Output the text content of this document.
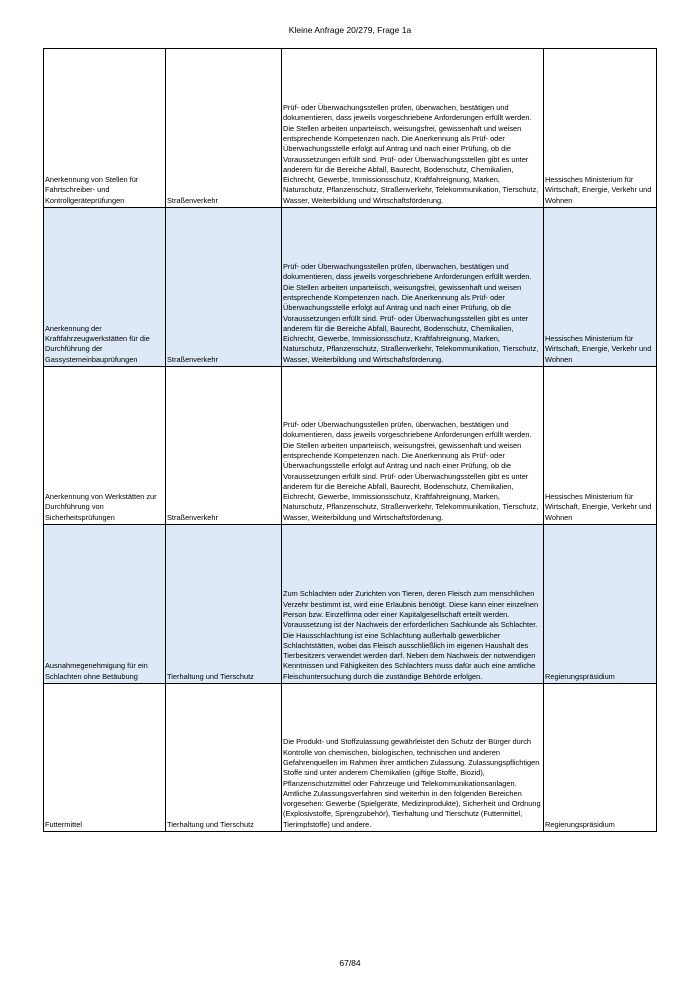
Kleine Anfrage 20/279, Frage 1a
Anerkennung von Stellen für Fahrtschreiber- und Kontrollgeräteprüfungen	Straßenverkehr	Prüf- oder Überwachungsstellen prüfen, überwachen, bestätigen und dokumentieren, dass jeweils vorgeschriebene Anforderungen erfüllt werden. Die Stellen arbeiten unparteiisch, weisungsfrei, gewissenhaft und weisen entsprechende Kompetenzen nach. Die Anerkennung als Prüf- oder Überwachungsstelle erfolgt auf Antrag und nach einer Prüfung, ob die Voraussetzungen erfüllt sind. Prüf- oder Überwachungsstellen gibt es unter anderem für die Bereiche Abfall, Baurecht, Bodenschutz, Chemikalien, Eichrecht, Gewerbe, Immissionsschutz, Kraftfahreignung, Marken, Naturschutz, Pflanzenschutz, Straßenverkehr, Telekommunikation, Tierschutz, Wasser, Weiterbildung und Wirtschaftsförderung.	Hessisches Ministerium für Wirtschaft, Energie, Verkehr und Wohnen
Anerkennung der Kraftfahrzeugwerkstätten für die Durchführung der Gassystemeinbauprüfungen	Straßenverkehr	Prüf- oder Überwachungsstellen prüfen, überwachen, bestätigen und dokumentieren, dass jeweils vorgeschriebene Anforderungen erfüllt werden. Die Stellen arbeiten unparteiisch, weisungsfrei, gewissenhaft und weisen entsprechende Kompetenzen nach. Die Anerkennung als Prüf- oder Überwachungsstelle erfolgt auf Antrag und nach einer Prüfung, ob die Voraussetzungen erfüllt sind. Prüf- oder Überwachungsstellen gibt es unter anderem für die Bereiche Abfall, Baurecht, Bodenschutz, Chemikalien, Eichrecht, Gewerbe, Immissionsschutz, Kraftfahreignung, Marken, Naturschutz, Pflanzenschutz, Straßenverkehr, Telekommunikation, Tierschutz, Wasser, Weiterbildung und Wirtschaftsförderung.	Hessisches Ministerium für Wirtschaft, Energie, Verkehr und Wohnen
Anerkennung von Werkstätten zur Durchführung von Sicherheitsprüfungen	Straßenverkehr	Prüf- oder Überwachungsstellen prüfen, überwachen, bestätigen und dokumentieren, dass jeweils vorgeschriebene Anforderungen erfüllt werden. Die Stellen arbeiten unparteiisch, weisungsfrei, gewissenhaft und weisen entsprechende Kompetenzen nach. Die Anerkennung als Prüf- oder Überwachungsstelle erfolgt auf Antrag und nach einer Prüfung, ob die Voraussetzungen erfüllt sind. Prüf- oder Überwachungsstellen gibt es unter anderem für die Bereiche Abfall, Baurecht, Bodenschutz, Chemikalien, Eichrecht, Gewerbe, Immissionsschutz, Kraftfahreignung, Marken, Naturschutz, Pflanzenschutz, Straßenverkehr, Telekommunikation, Tierschutz, Wasser, Weiterbildung und Wirtschaftsförderung.	Hessisches Ministerium für Wirtschaft, Energie, Verkehr und Wohnen
Ausnahmegenehmigung für ein Schlachten ohne Betäubung	Tierhaltung und Tierschutz	Zum Schlachten oder Zurichten von Tieren, deren Fleisch zum menschlichen Verzehr bestimmt ist, wird eine Erlaubnis benötigt. Diese kann einer einzelnen Person bzw. Einzelfirma oder einer Kapitalgesellschaft erteilt werden. Voraussetzung ist der Nachweis der erforderlichen Sachkunde als Schlachter. Die Hausschlachtung ist eine Schlachtung außerhalb gewerblicher Schlachtstätten, wobei das Fleisch ausschließlich im eigenen Haushalt des Tierbesitzers verwendet werden darf. Neben dem Nachweis der notwendigen Kenntnissen und Fähigkeiten des Schlachters muss dafür auch eine amtliche Fleischuntersuchung durch die zuständige Behörde erfolgen.	Regierungspräsidium
Futtermittel	Tierhaltung und Tierschutz	Die Produkt- und Stoffzulassung gewährleistet den Schutz der Bürger durch Kontrolle von chemischen, biologischen, technischen und anderen Gefahrenquellen im Rahmen ihrer amtlichen Zulassung. Zulassungspflichtigen Stoffe sind unter anderem Chemikalien (giftige Stoffe, Biozid), Pflanzenschutzmittel oder Fahrzeuge und Telekommunikationsanlagen. Amtliche Zulassungsverfahren sind weiterhin in den folgenden Bereichen vorgesehen: Gewerbe (Spielgeräte, Medizinprodukte), Sicherheit und Ordnung (Explosivstoffe, Sprengzubehör), Tierhaltung und Tierschutz (Futtermittel, Tierimpfstoffe) und andere.	Regierungspräsidium
67/84
